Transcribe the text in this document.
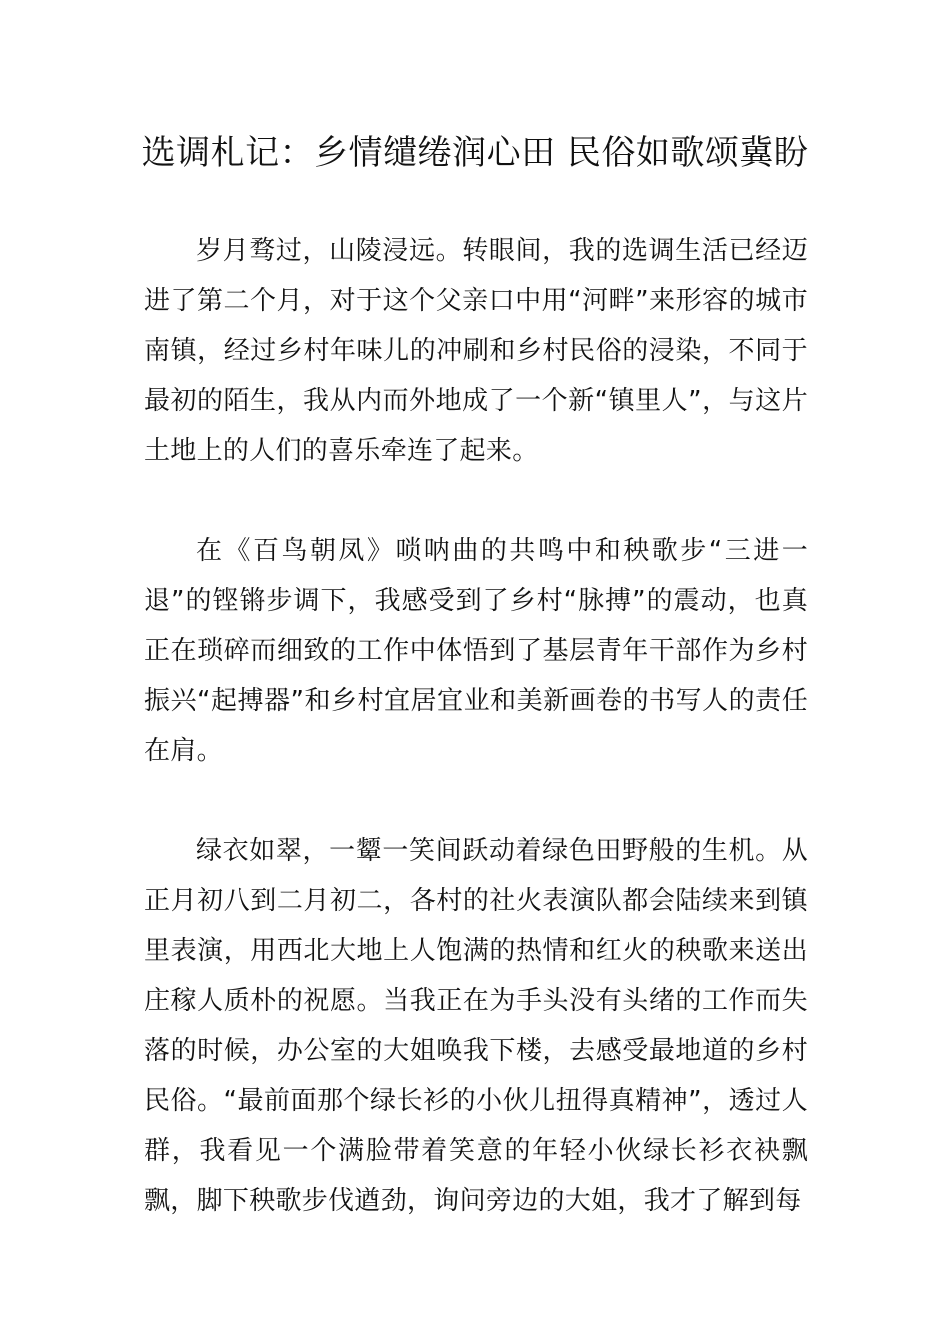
选调札记：乡情缱绻润心田 民俗如歌颂冀盼

岁月骛过，山陵浸远。转眼间，我的选调生活已经迈进了第二个月，对于这个父亲口中用“河畔”来形容的城市南镇，经过乡村年味儿的冲刷和乡村民俗的浸染，不同于最初的陌生，我从内而外地成了一个新“镇里人”，与这片土地上的人们的喜乐牵连了起来。

在《百鸟朝凤》唢呐曲的共鸣中和秧歌步“三进一退”的铿锵步调下，我感受到了乡村“脉搏”的震动，也真正在琐碎而细致的工作中体悟到了基层青年干部作为乡村振兴“起搏器”和乡村宜居宜业和美新画卷的书写人的责任在肩。

绿衣如翠，一颦一笑间跃动着绿色田野般的生机。从正月初八到二月初二，各村的社火表演队都会陆续来到镇里表演，用西北大地上人饱满的热情和红火的秧歌来送出庄稼人质朴的祝愿。当我正在为手头没有头绪的工作而失落的时候，办公室的大姐唤我下楼，去感受最地道的乡村民俗。“最前面那个绿长衫的小伙儿扭得真精神”，透过人群，我看见一个满脸带着笑意的年轻小伙绿长衫衣袂飘飘，脚下秧歌步伐遒劲，询问旁边的大姐，我才了解到每
